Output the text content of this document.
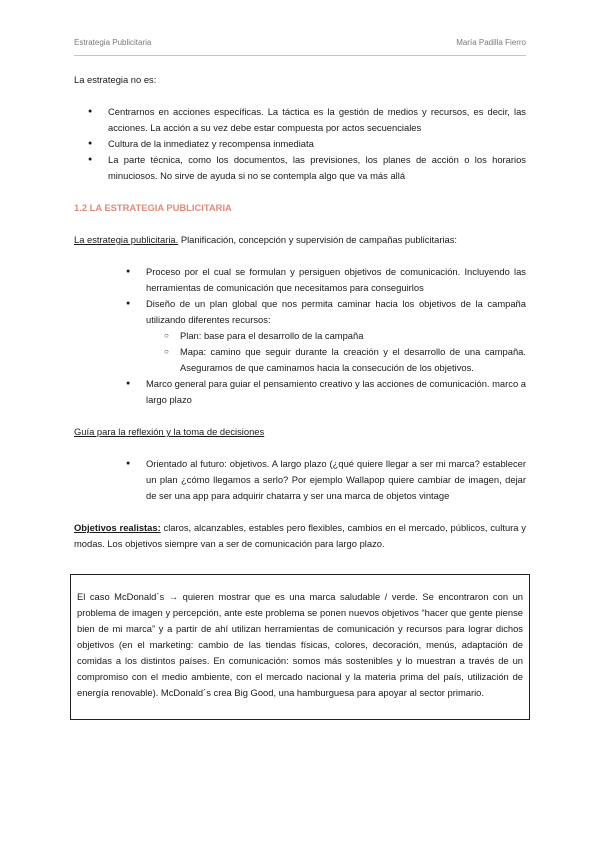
Estrategia Publicitaria	María Padilla Fierro

La estrategia no es:

● Centrarnos en acciones específicas. La táctica es la gestión de medios y recursos, es decir, las acciones. La acción a su vez debe estar compuesta por actos secuenciales
● Cultura de la inmediatez y recompensa inmediata
● La parte técnica, como los documentos, las previsiones, los planes de acción o los horarios minuciosos. No sirve de ayuda si no se contempla algo que va más allá

1.2 LA ESTRATEGIA PUBLICITARIA

La estrategia publicitaria. Planificación, concepción y supervisión de campañas publicitarias:

● Proceso por el cual se formulan y persiguen objetivos de comunicación. Incluyendo las herramientas de comunicación que necesitamos para conseguirlos
● Diseño de un plan global que nos permita caminar hacia los objetivos de la campaña utilizando diferentes recursos:
○ Plan: base para el desarrollo de la campaña
○ Mapa: camino que seguir durante la creación y el desarrollo de una campaña. Aseguramos de que caminamos hacia la consecución de los objetivos.
● Marco general para guiar el pensamiento creativo y las acciones de comunicación. marco a largo plazo

Guía para la reflexión y la toma de decisiones

● Orientado al futuro: objetivos. A largo plazo (¿qué quiere llegar a ser mi marca? establecer un plan ¿cómo llegamos a serlo? Por ejemplo Wallapop quiere cambiar de imagen, dejar de ser una app para adquirir chatarra y ser una marca de objetos vintage

Objetivos realistas: claros, alcanzables, estables pero flexibles, cambios en el mercado, públicos, cultura y modas. Los objetivos siempre van a ser de comunicación para largo plazo.

El caso McDonald´s → quieren mostrar que es una marca saludable / verde. Se encontraron con un problema de imagen y percepción, ante este problema se ponen nuevos objetivos “hacer que gente piense bien de mi marca” y a partir de ahí utilizan herramientas de comunicación y recursos para lograr dichos objetivos (en el marketing: cambio de las tiendas físicas, colores, decoración, menús, adaptación de comidas a los distintos países. En comunicación: somos más sostenibles y lo muestran a través de un compromiso con el medio ambiente, con el mercado nacional y la materia prima del país, utilización de energía renovable). McDonald´s crea Big Good, una hamburguesa para apoyar al sector primario.
